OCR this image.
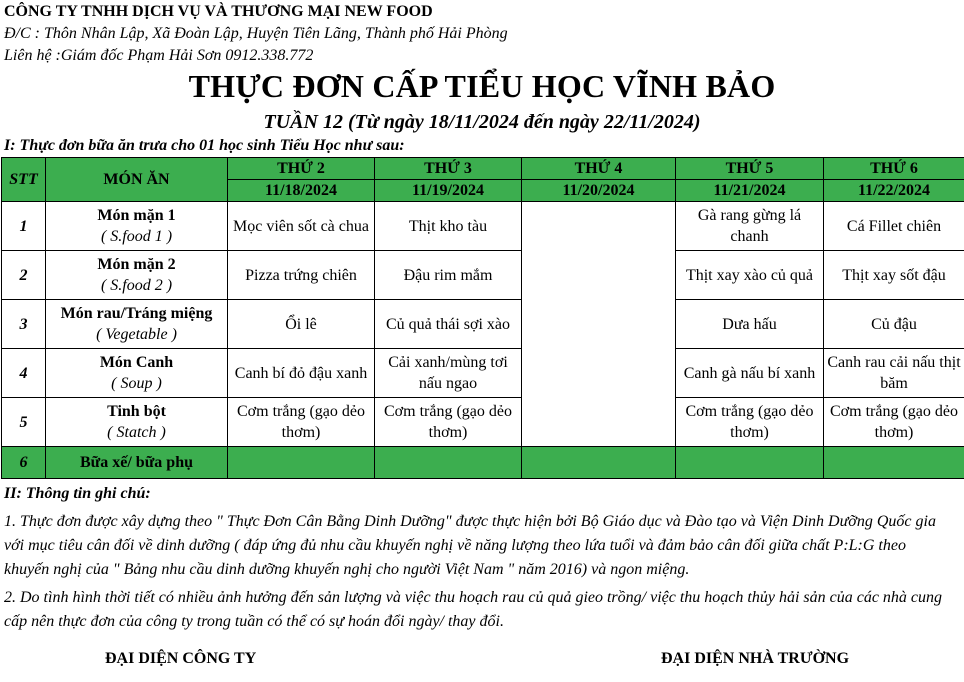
CÔNG TY TNHH DỊCH VỤ VÀ THƯƠNG MẠI NEW FOOD
Đ/C : Thôn Nhân Lập, Xã Đoàn Lập, Huyện Tiên Lãng, Thành phố Hải Phòng
Liên hệ :Giám đốc Phạm Hải Sơn 0912.338.772
THỰC ĐƠN CẤP TIỂU HỌC VĨNH BẢO
TUẦN 12 (Từ ngày 18/11/2024 đến ngày 22/11/2024)
I: Thực đơn bữa ăn trưa cho 01 học sinh Tiểu Học như sau:
STT	MÓN ĂN	THỨ 2	THỨ 3	THỨ 4	THỨ 5	THỨ 6
		11/18/2024	11/19/2024	11/20/2024	11/21/2024	11/22/2024
1	Món mặn 1
( S.food 1 )	Mọc viên sốt cà chua	Thịt kho tàu		Gà rang gừng lá chanh	Cá Fillet chiên
2	Món mặn 2
( S.food 2 )	Pizza trứng chiên	Đậu rim mắm		Thịt xay xào củ quả	Thịt xay sốt đậu
3	Món rau/Tráng miệng
( Vegetable )	Ổi lê	Củ quả thái sợi xào		Dưa hấu	Củ đậu
4	Món Canh
( Soup )	Canh bí đỏ đậu xanh	Cải xanh/mùng tơi nấu ngao		Canh gà nấu bí xanh	Canh rau cải nấu thịt băm
5	Tinh bột
( Statch )	Cơm trắng (gạo dẻo thơm)	Cơm trắng (gạo dẻo thơm)		Cơm trắng (gạo dẻo thơm)	Cơm trắng (gạo dẻo thơm)
6	Bữa xế/ bữa phụ					
II: Thông tin ghi chú:
1. Thực đơn được xây dựng theo " Thực Đơn Cân Bằng Dinh Dưỡng" được thực hiện bởi Bộ Giáo dục và Đào tạo và Viện Dinh Dưỡng Quốc gia với mục tiêu cân đối về dinh dưỡng ( đáp ứng đủ nhu cầu khuyến nghị về năng lượng theo lứa tuổi và đảm bảo cân đối giữa chất P:L:G theo khuyến nghị của " Bảng nhu cầu dinh dưỡng khuyến nghị cho người Việt Nam " năm 2016) và ngon miệng.
2. Do tình hình thời tiết có nhiều ảnh hưởng đến sản lượng và việc thu hoạch rau củ quả gieo trồng/ việc thu hoạch thủy hải sản của các nhà cung cấp nên thực đơn của công ty trong tuần có thể có sự hoán đổi ngày/ thay đổi.
ĐẠI DIỆN CÔNG TY	ĐẠI DIỆN NHÀ TRƯỜNG
